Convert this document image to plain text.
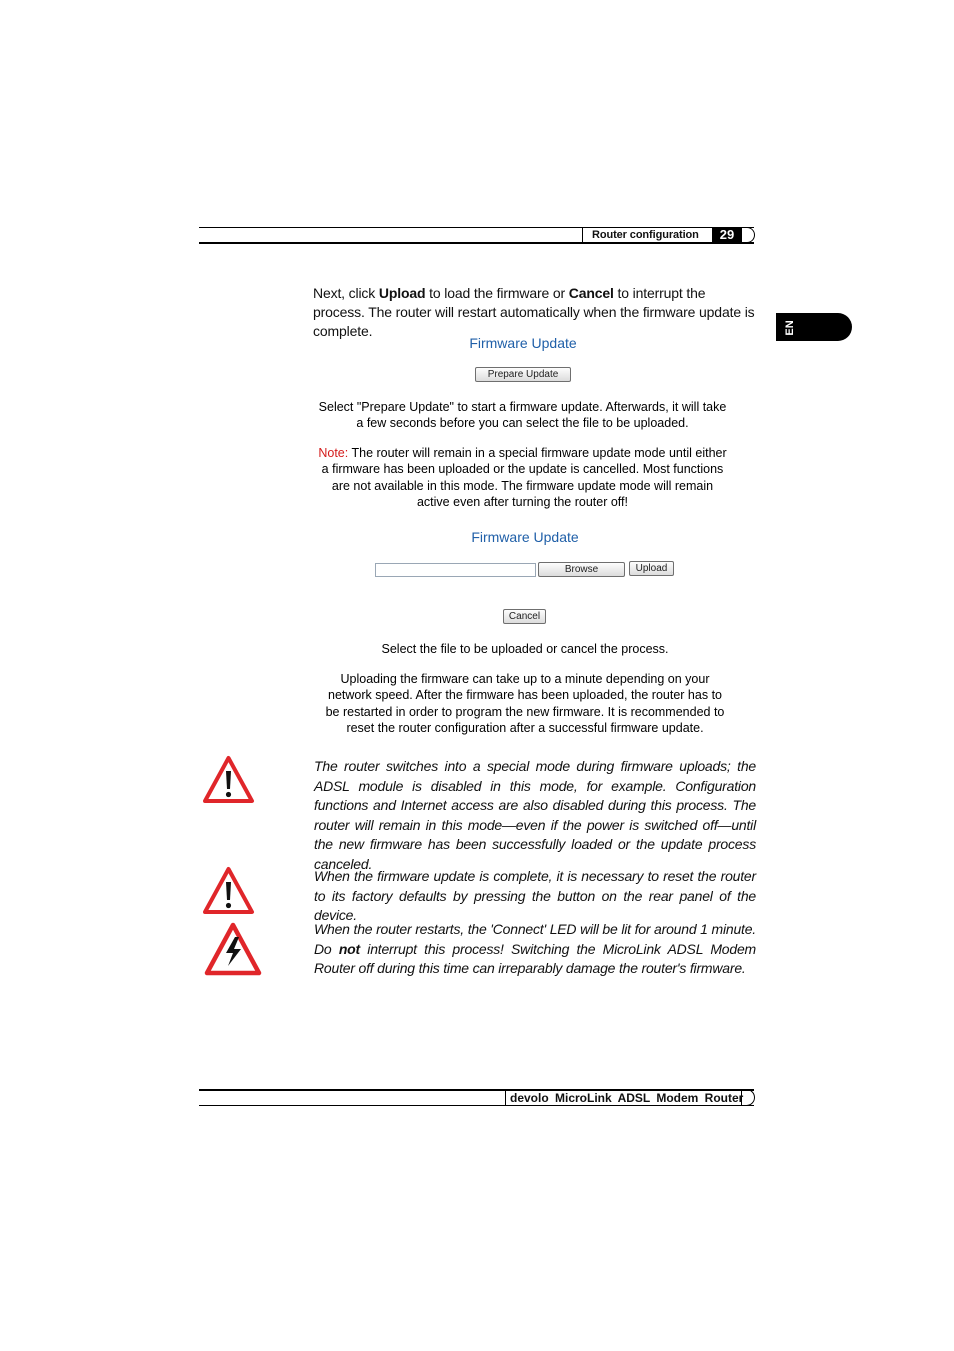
Router configuration	29
EN
Next, click Upload to load the firmware or Cancel to interrupt the process. The router will restart automatically when the firmware update is complete.
Firmware Update
Prepare Update
Select "Prepare Update" to start a firmware update. Afterwards, it will take
a few seconds before you can select the file to be uploaded.
Note: The router will remain in a special firmware update mode until either
a firmware has been uploaded or the update is cancelled. Most functions
are not available in this mode. The firmware update mode will remain
active even after turning the router off!
Firmware Update
Browse	Upload
Cancel
Select the file to be uploaded or cancel the process.
Uploading the firmware can take up to a minute depending on your
network speed. After the firmware has been uploaded, the router has to
be restarted in order to program the new firmware. It is recommended to
reset the router configuration after a successful firmware update.
The router switches into a special mode during firmware uploads; the ADSL module is disabled in this mode, for example. Configuration functions and Internet access are also disabled during this process. The router will remain in this mode—even if the power is switched off—until the new firmware has been successfully loaded or the update process canceled.
When the firmware update is complete, it is necessary to reset the router to its factory defaults by pressing the button on the rear panel of the device.
When the router restarts, the 'Connect' LED will be lit for around 1 minute. Do not interrupt this process! Switching the MicroLink ADSL Modem Router off during this time can irreparably damage the router's firmware.
devolo MicroLink ADSL Modem Router
